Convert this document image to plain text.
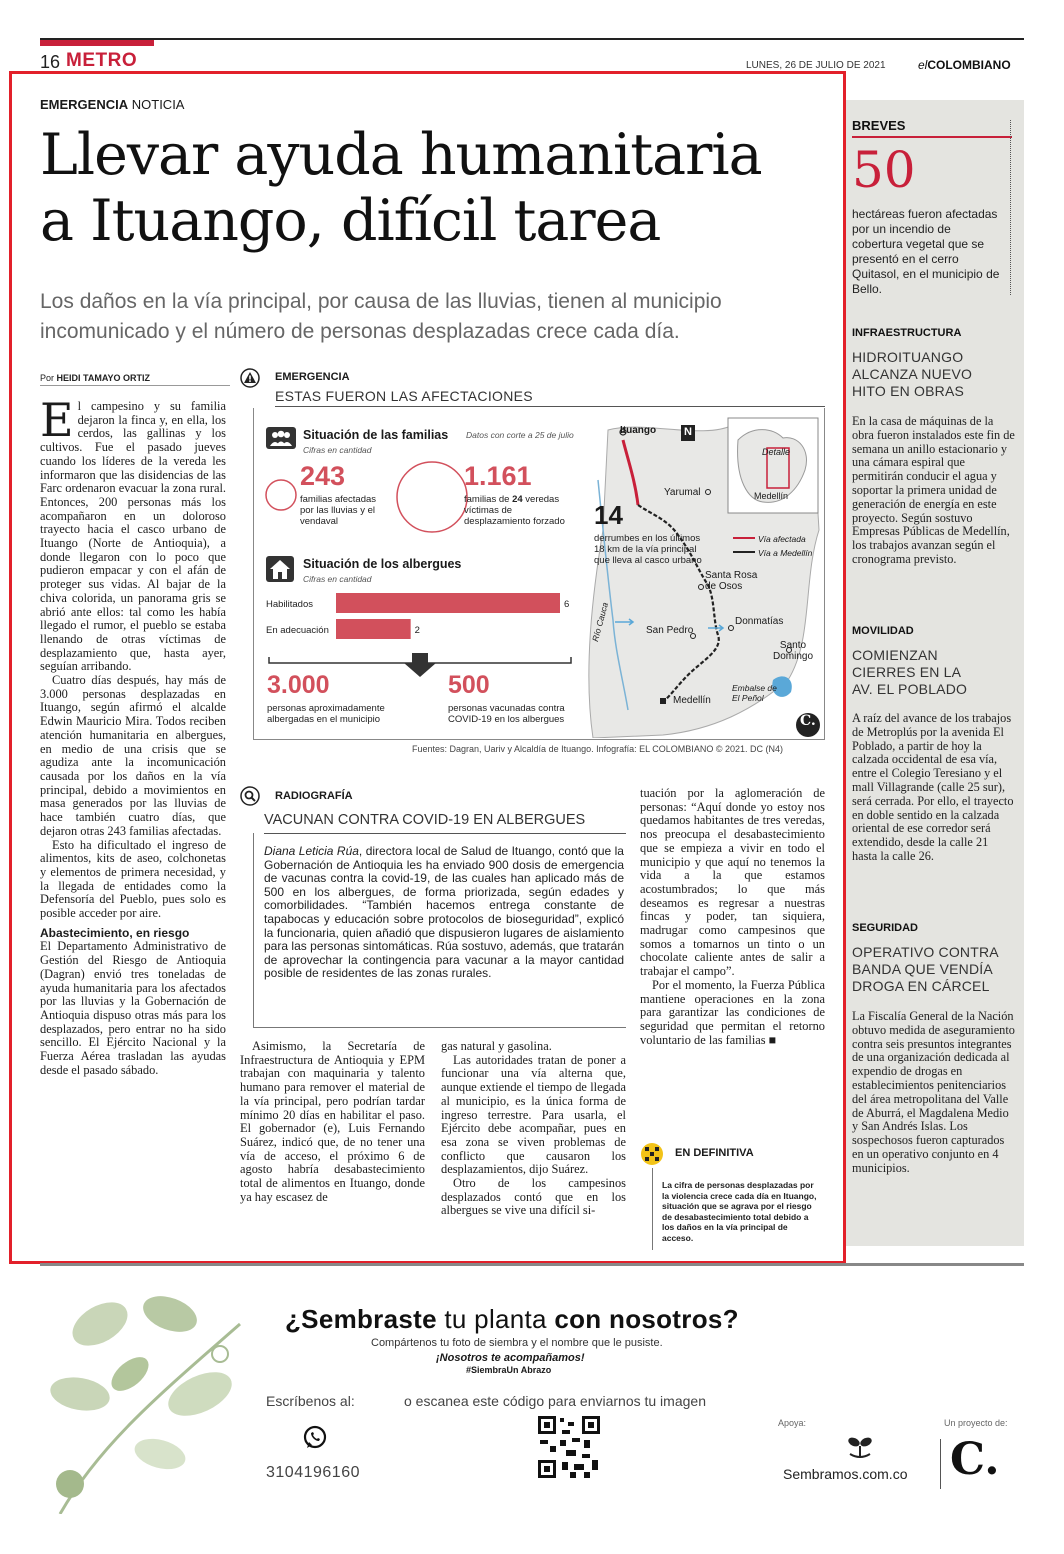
16 METRO	LUNES, 26 DE JULIO DE 2021	elCOLOMBIANO
EMERGENCIA NOTICIA
Llevar ayuda humanitaria
a Ituango, difícil tarea
Los daños en la vía principal, por causa de las lluvias, tienen al municipio incomunicado y el número de personas desplazadas crece cada día.
Por HEIDI TAMAYO ORTIZ

El campesino y su familia dejaron la finca y, en ella, los cerdos, las gallinas y los cultivos. Fue el pasado jueves cuando los líderes de la vereda les informaron que las disidencias de las Farc ordenaron evacuar la zona rural. Entonces, 200 personas más los acompañaron en un doloroso trayecto hacia el casco urbano de Ituango (Norte de Antioquia), a donde llegaron con lo poco que pudieron empacar y con el afán de proteger sus vidas. Al bajar de la chiva colorida, un panorama gris se abrió ante ellos: tal como les había llegado el rumor, el pueblo se estaba llenando de otras víctimas de desplazamiento que, hasta ayer, seguían arribando.

Cuatro días después, hay más de 3.000 personas desplazadas en Ituango, según afirmó el alcalde Edwin Mauricio Mira. Todos reciben atención humanitaria en albergues, en medio de una crisis que se agudiza ante la incomunicación causada por los daños en la vía principal, debido a movimientos en masa generados por las lluvias de hace también cuatro días, que dejaron otras 243 familias afectadas.

Esto ha dificultado el ingreso de alimentos, kits de aseo, colchonetas y elementos de primera necesidad, y la llegada de entidades como la Defensoría del Pueblo, pues solo es posible acceder por aire.

Abastecimiento, en riesgo

El Departamento Administrativo de Gestión del Riesgo de Antioquia (Dagran) envió tres toneladas de ayuda humanitaria para los afectados por las lluvias y la Gobernación de Antioquia dispuso otras más para los desplazados, pero entrar no ha sido sencillo. El Ejército Nacional y la Fuerza Aérea trasladan las ayudas desde el pasado sábado.

EMERGENCIA
ESTAS FUERON LAS AFECTACIONES
Situación de las familias
Cifras en cantidad
Datos con corte a 25 de julio
243
familias afectadas por las lluvias y el vendaval
1.161
familias de 24 veredas víctimas de desplazamiento forzado
Situación de los albergues
Cifras en cantidad
Habilitados	6
En adecuación	2
3.000
personas aproximadamente albergadas en el municipio
500
personas vacunadas contra COVID-19 en los albergues
Ituango	N
Yarumal
Detalle
Medellín
14
derrumbes en los últimos 18 km de la vía principal que lleva al casco urbano
Vía afectada
Vía a Medellín
Santa Rosa de Osos
San Pedro
Donmatías
Santo Domingo
Medellín
Embalse de El Peñol
Río Cauca
C.
Fuentes: Dagran, Uariv y Alcaldía de Ituango. Infografía: EL COLOMBIANO © 2021. DC (N4)
RADIOGRAFÍA
VACUNAN CONTRA COVID-19 EN ALBERGUES
Diana Leticia Rúa, directora local de Salud de Ituango, contó que la Gobernación de Antioquia les ha enviado 900 dosis de emergencia de vacunas contra la covid-19, de las cuales han aplicado más de 500 en los albergues, de forma priorizada, según edades y comorbilidades. “También hacemos entrega constante de tapabocas y educación sobre protocolos de bioseguridad”, explicó la funcionaria, quien añadió que dispusieron lugares de aislamiento para las personas sintomáticas. Rúa sostuvo, además, que tratarán de aprovechar la contingencia para vacunar a la mayor cantidad posible de residentes de las zonas rurales.

Asimismo, la Secretaría de Infraestructura de Antioquia y EPM trabajan con maquinaria y talento humano para remover el material de la vía principal, pero podrían tardar mínimo 20 días en habilitar el paso. El gobernador (e), Luis Fernando Suárez, indicó que, de no tener una vía de acceso, el próximo 6 de agosto habría desabastecimiento total de alimentos en Ituango, donde ya hay escasez de

gas natural y gasolina.

Las autoridades tratan de poner a funcionar una vía alterna que, aunque extiende el tiempo de llegada al municipio, es la única forma de ingreso terrestre. Para usarla, el Ejército debe acompañar, pues en esa zona se viven problemas de conflicto que causaron los desplazamientos, dijo Suárez.

Otro de los campesinos desplazados contó que en los albergues se vive una difícil si-

tuación por la aglomeración de personas: “Aquí donde yo estoy nos quedamos habitantes de tres veredas, nos preocupa el desabastecimiento que se empieza a vivir en todo el municipio y que aquí no tenemos la vida a la que estamos acostumbrados; lo que más deseamos es regresar a nuestras fincas y poder, tan siquiera, madrugar como campesinos que somos a tomarnos un tinto o un chocolate caliente antes de salir a trabajar el campo”.

Por el momento, la Fuerza Pública mantiene operaciones en la zona para garantizar las condiciones de seguridad que permitan el retorno voluntario de las familias ■

EN DEFINITIVA
La cifra de personas desplazadas por la violencia crece cada día en Ituango, situación que se agrava por el riesgo de desabastecimiento total debido a los daños en la vía principal de acceso.
BREVES
50
hectáreas fueron afectadas por un incendio de cobertura vegetal que se presentó en el cerro Quitasol, en el municipio de Bello.
INFRAESTRUCTURA
HIDROITUANGO ALCANZA NUEVO HITO EN OBRAS
En la casa de máquinas de la obra fueron instalados este fin de semana un anillo estacionario y una cámara espiral que permitirán conducir el agua y soportar la primera unidad de generación de energía en este proyecto. Según sostuvo Empresas Públicas de Medellín, los trabajos avanzan según el cronograma previsto.
MOVILIDAD
COMIENZAN CIERRES EN LA AV. EL POBLADO
A raíz del avance de los trabajos de Metroplús por la avenida El Poblado, a partir de hoy la calzada occidental de esa vía, entre el Colegio Teresiano y el mall Villagrande (calle 25 sur), será cerrada. Por ello, el trayecto en doble sentido en la calzada oriental de ese corredor será extendido, desde la calle 21 hasta la calle 26.
SEGURIDAD
OPERATIVO CONTRA BANDA QUE VENDÍA DROGA EN CÁRCEL
La Fiscalía General de la Nación obtuvo medida de aseguramiento contra seis presuntos integrantes de una organización dedicada al expendio de drogas en establecimientos penitenciarios del área metropolitana del Valle de Aburrá, el Magdalena Medio y San Andrés Islas. Los sospechosos fueron capturados en un operativo conjunto en 4 municipios.
¿Sembraste tu planta con nosotros?
Compártenos tu foto de siembra y el nombre que le pusiste.
¡Nosotros te acompañamos!
#SiembraUn Abrazo
Escríbenos al:	o escanea este código para enviarnos tu imagen
3104196160
Apoya:
Sembramos.com.co
Un proyecto de:
C.
